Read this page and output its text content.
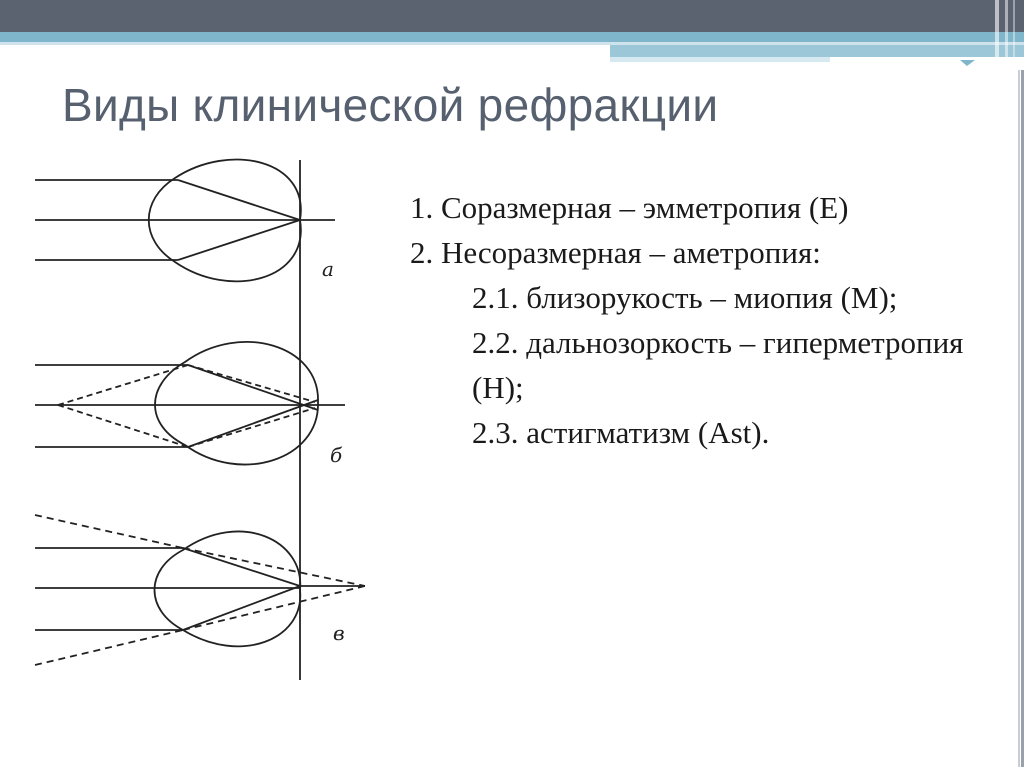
Виды клинической рефракции
a
б
в

1. Соразмерная – эмметропия (E)

2. Несоразмерная – аметропия:

2.1. близорукость – миопия (M);

2.2. дальнозоркость – гиперметропия (H);

2.3. астигматизм (Ast).
